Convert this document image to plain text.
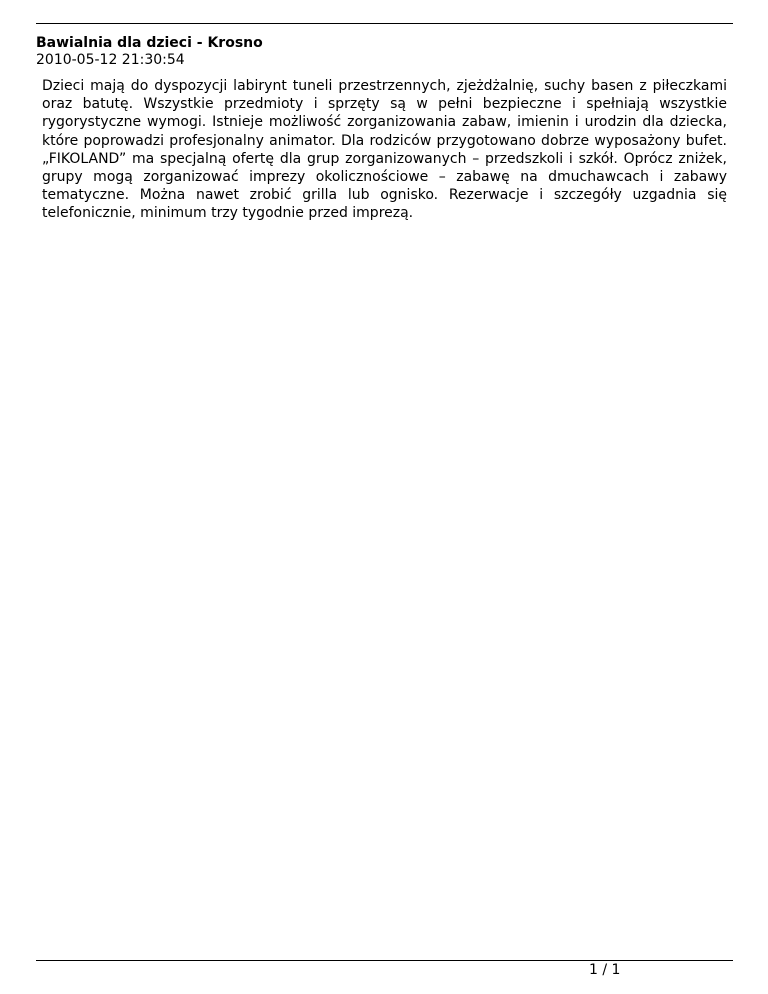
Bawialnia dla dzieci - Krosno
2010-05-12 21:30:54

Dzieci mają do dyspozycji labirynt tuneli przestrzennych, zjeżdżalnię, suchy basen z piłeczkami oraz batutę. Wszystkie przedmioty i sprzęty są w pełni bezpieczne i spełniają wszystkie rygorystyczne wymogi. Istnieje możliwość zorganizowania zabaw, imienin i urodzin dla dziecka, które poprowadzi profesjonalny animator. Dla rodziców przygotowano dobrze wyposażony bufet. „FIKOLAND” ma specjalną ofertę dla grup zorganizowanych – przedszkoli i szkół. Oprócz zniżek, grupy mogą zorganizować imprezy okolicznościowe – zabawę na dmuchawcach i zabawy tematyczne. Można nawet zrobić grilla lub ognisko. Rezerwacje i szczegóły uzgadnia się telefonicznie, minimum trzy tygodnie przed imprezą.

1 / 1
